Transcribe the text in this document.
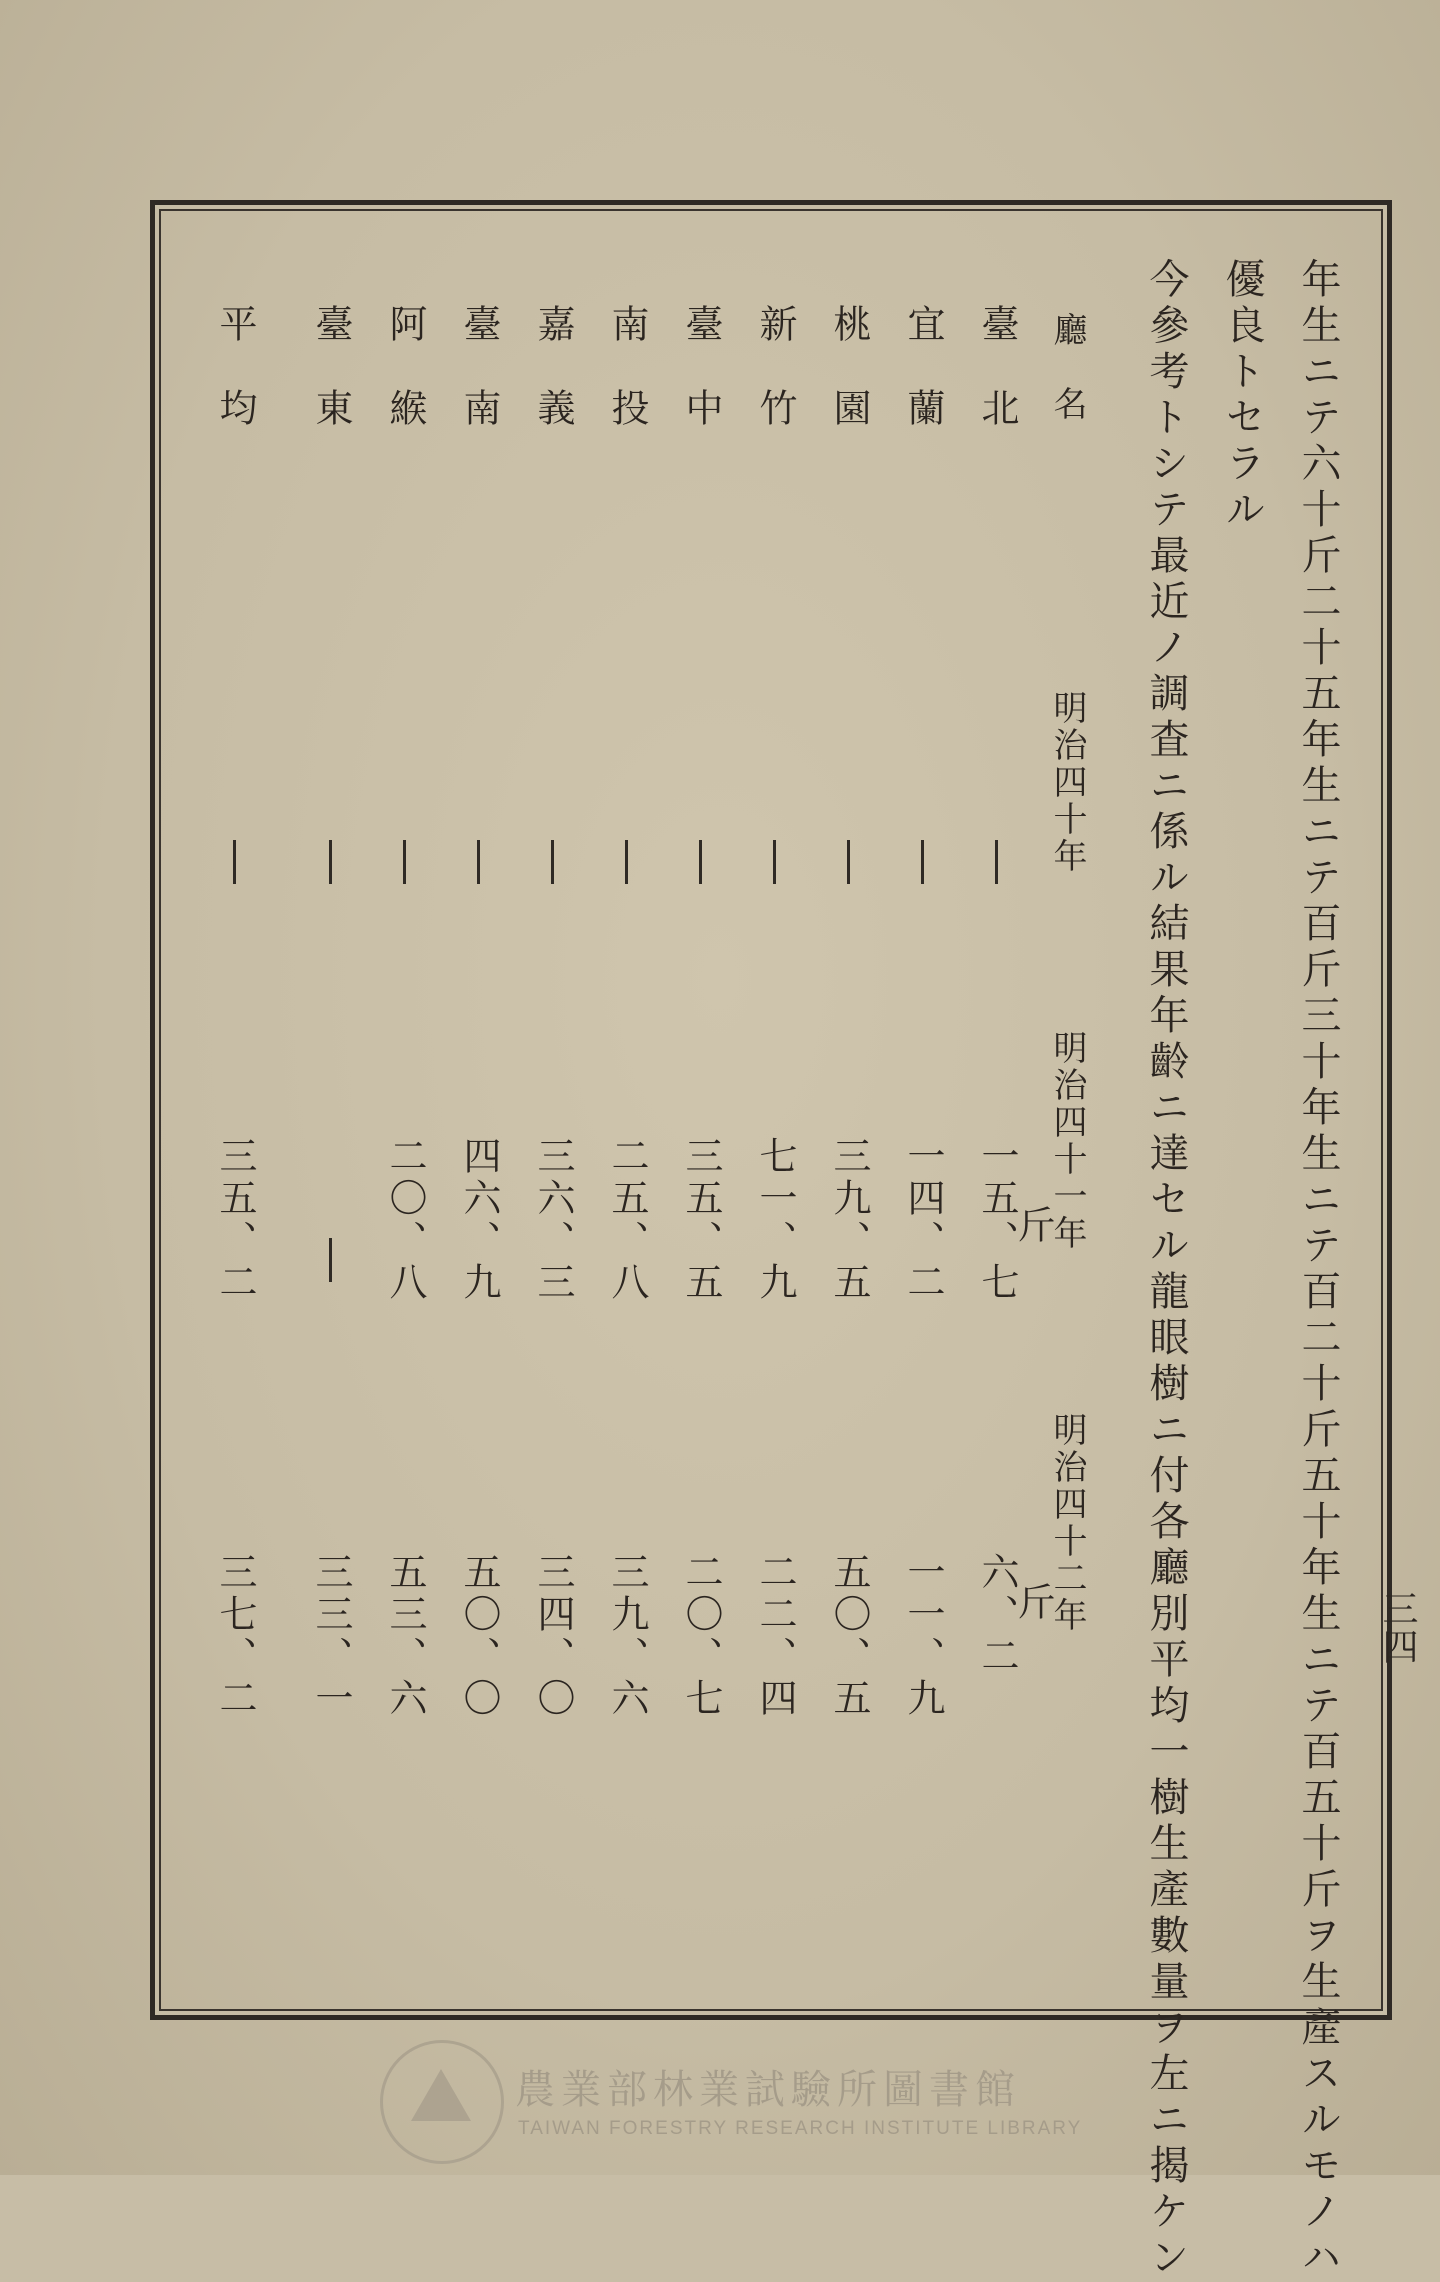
三四
年生ニテ六十斤二十五年生ニテ百斤三十年生ニテ百二十斤五十年生ニテ百五十斤ヲ生產スルモノハ
優良トセラル
今參考トシテ最近ノ調査ニ係ル結果年齡ニ達セル龍眼樹ニ付各廳別平均一樹生產數量ヲ左ニ揭ケン
廳　名
明治四十年
明治四十一年
明治四十二年
斤
斤
臺　北
一五、七
六、二
宜　蘭
一四、二
一一、九
桃　園
三九、五
五〇、五
新　竹
七一、九
二二、四
臺　中
三五、五
二〇、七
南　投
二五、八
三九、六
嘉　義
三六、三
三四、〇
臺　南
四六、九
五〇、〇
阿　緱
二〇、八
五三、六
臺　東
三三、一
平　均
三五、二
三七、二
農業部林業試驗所圖書館
TAIWAN FORESTRY RESEARCH INSTITUTE LIBRARY
